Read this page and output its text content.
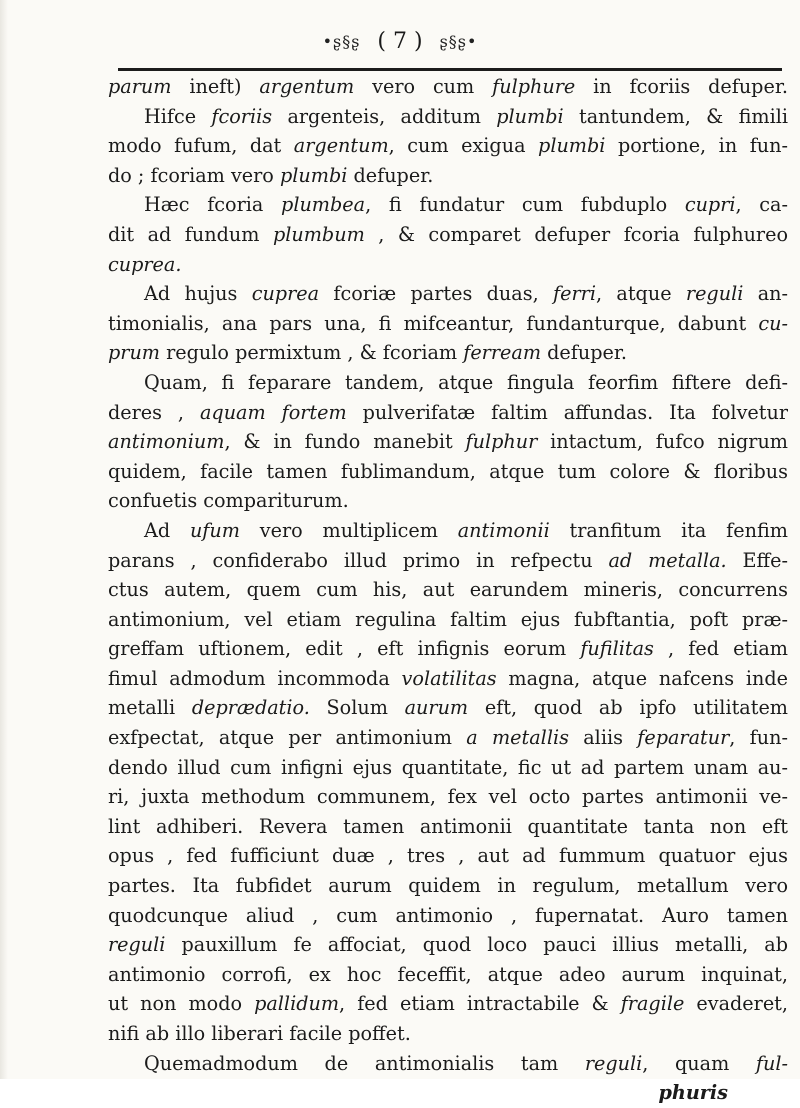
•ʂ§ʂ ( 7 ) ʂ§ʂ•
parum ineft) argentum vero cum fulphure in fcoriis defuper.
Hifce fcoriis argenteis, additum plumbi tantundem, & fimili
modo fufum, dat argentum, cum exigua plumbi portione, in fun-
do ; fcoriam vero plumbi defuper.
Hæc fcoria plumbea, fi fundatur cum fubduplo cupri, ca-
dit ad fundum plumbum , & comparet defuper fcoria fulphureo
cuprea.
Ad hujus cuprea fcoriæ partes duas, ferri, atque reguli an-
timonialis, ana pars una, fi mifceantur, fundanturque, dabunt cu-
prum regulo permixtum , & fcoriam ferream defuper.
Quam, fi feparare tandem, atque fingula feorfim fiftere defi-
deres , aquam fortem pulverifatæ faltim affundas. Ita folvetur
antimonium, & in fundo manebit fulphur intactum, fufco nigrum
quidem, facile tamen fublimandum, atque tum colore & floribus
confuetis compariturum.
Ad ufum vero multiplicem antimonii tranfitum ita fenfim
parans , confiderabo illud primo in refpectu ad metalla. Effe-
ctus autem, quem cum his, aut earundem mineris, concurrens
antimonium, vel etiam regulina faltim ejus fubftantia, poft præ-
greffam uftionem, edit , eft infignis eorum fufilitas , fed etiam
fimul admodum incommoda volatilitas magna, atque nafcens inde
metalli deprædatio. Solum aurum eft, quod ab ipfo utilitatem
exfpectat, atque per antimonium a metallis aliis feparatur, fun-
dendo illud cum infigni ejus quantitate, fic ut ad partem unam au-
ri, juxta methodum communem, fex vel octo partes antimonii ve-
lint adhiberi. Revera tamen antimonii quantitate tanta non eft
opus , fed fufficiunt duæ , tres , aut ad fummum quatuor ejus
partes. Ita fubfidet aurum quidem in regulum, metallum vero
quodcunque aliud , cum antimonio , fupernatat. Auro tamen
reguli pauxillum fe affociat, quod loco pauci illius metalli, ab
antimonio corrofi, ex hoc feceffit, atque adeo aurum inquinat,
ut non modo pallidum, fed etiam intractabile & fragile evaderet,
nifi ab illo liberari facile poffet.
Quemadmodum de antimonialis tam reguli, quam ful-
phuris
